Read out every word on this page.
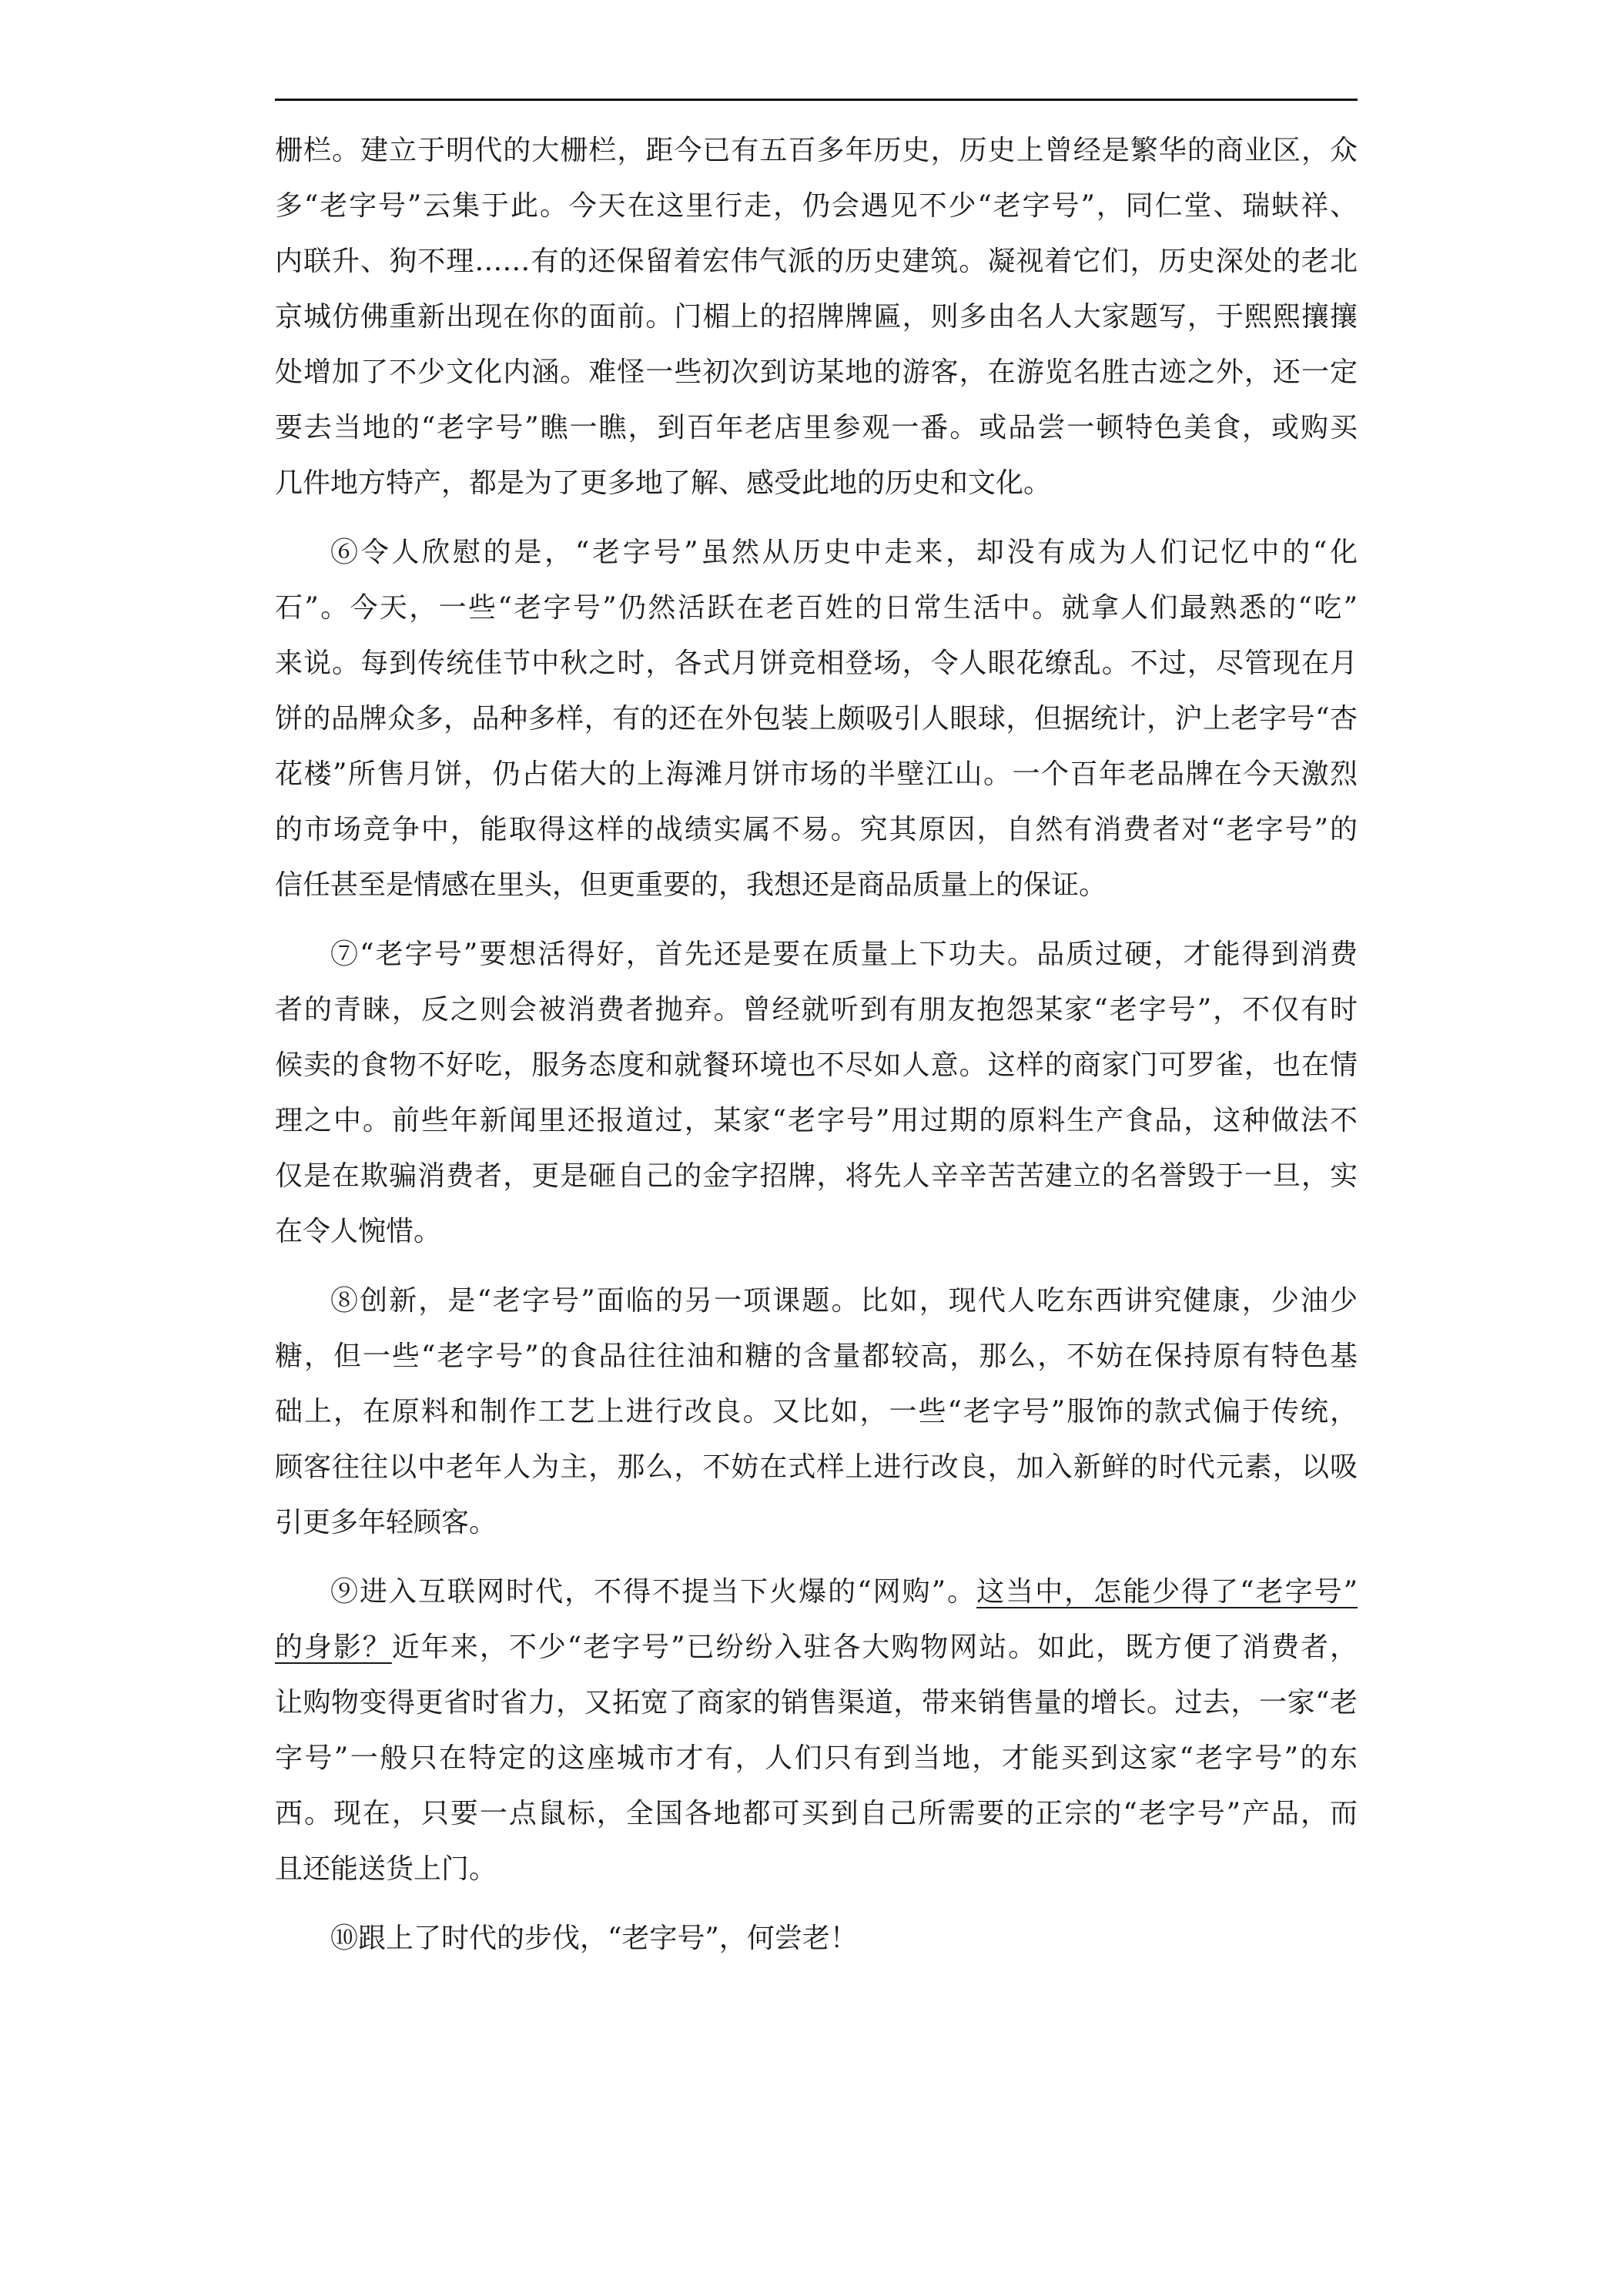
栅栏。建立于明代的大栅栏，距今已有五百多年历史，历史上曾经是繁华的商业区，众
多“老字号”云集于此。今天在这里行走，仍会遇见不少“老字号”，同仁堂、瑞蚨祥、
内联升、狗不理……有的还保留着宏伟气派的历史建筑。凝视着它们，历史深处的老北
京城仿佛重新出现在你的面前。门楣上的招牌牌匾，则多由名人大家题写，于熙熙攘攘
处增加了不少文化内涵。难怪一些初次到访某地的游客，在游览名胜古迹之外，还一定
要去当地的“老字号”瞧一瞧，到百年老店里参观一番。或品尝一顿特色美食，或购买
几件地方特产，都是为了更多地了解、感受此地的历史和文化。
⑥令人欣慰的是，“老字号”虽然从历史中走来，却没有成为人们记忆中的“化
石”。今天，一些“老字号”仍然活跃在老百姓的日常生活中。就拿人们最熟悉的“吃”
来说。每到传统佳节中秋之时，各式月饼竞相登场，令人眼花缭乱。不过，尽管现在月
饼的品牌众多，品种多样，有的还在外包装上颇吸引人眼球，但据统计，沪上老字号“杏
花楼”所售月饼，仍占偌大的上海滩月饼市场的半壁江山。一个百年老品牌在今天激烈
的市场竞争中，能取得这样的战绩实属不易。究其原因，自然有消费者对“老字号”的
信任甚至是情感在里头，但更重要的，我想还是商品质量上的保证。
⑦“老字号”要想活得好，首先还是要在质量上下功夫。品质过硬，才能得到消费
者的青睐，反之则会被消费者抛弃。曾经就听到有朋友抱怨某家“老字号”，不仅有时
候卖的食物不好吃，服务态度和就餐环境也不尽如人意。这样的商家门可罗雀，也在情
理之中。前些年新闻里还报道过，某家“老字号”用过期的原料生产食品，这种做法不
仅是在欺骗消费者，更是砸自己的金字招牌，将先人辛辛苦苦建立的名誉毁于一旦，实
在令人惋惜。
⑧创新，是“老字号”面临的另一项课题。比如，现代人吃东西讲究健康，少油少
糖，但一些“老字号”的食品往往油和糖的含量都较高，那么，不妨在保持原有特色基
础上，在原料和制作工艺上进行改良。又比如，一些“老字号”服饰的款式偏于传统，
顾客往往以中老年人为主，那么，不妨在式样上进行改良，加入新鲜的时代元素，以吸
引更多年轻顾客。
⑨进入互联网时代，不得不提当下火爆的“网购”。这当中，怎能少得了“老字号”
的身影？近年来，不少“老字号”已纷纷入驻各大购物网站。如此，既方便了消费者，
让购物变得更省时省力，又拓宽了商家的销售渠道，带来销售量的增长。过去，一家“老
字号”一般只在特定的这座城市才有，人们只有到当地，才能买到这家“老字号”的东
西。现在，只要一点鼠标，全国各地都可买到自己所需要的正宗的“老字号”产品，而
且还能送货上门。
⑩跟上了时代的步伐，“老字号”，何尝老！
